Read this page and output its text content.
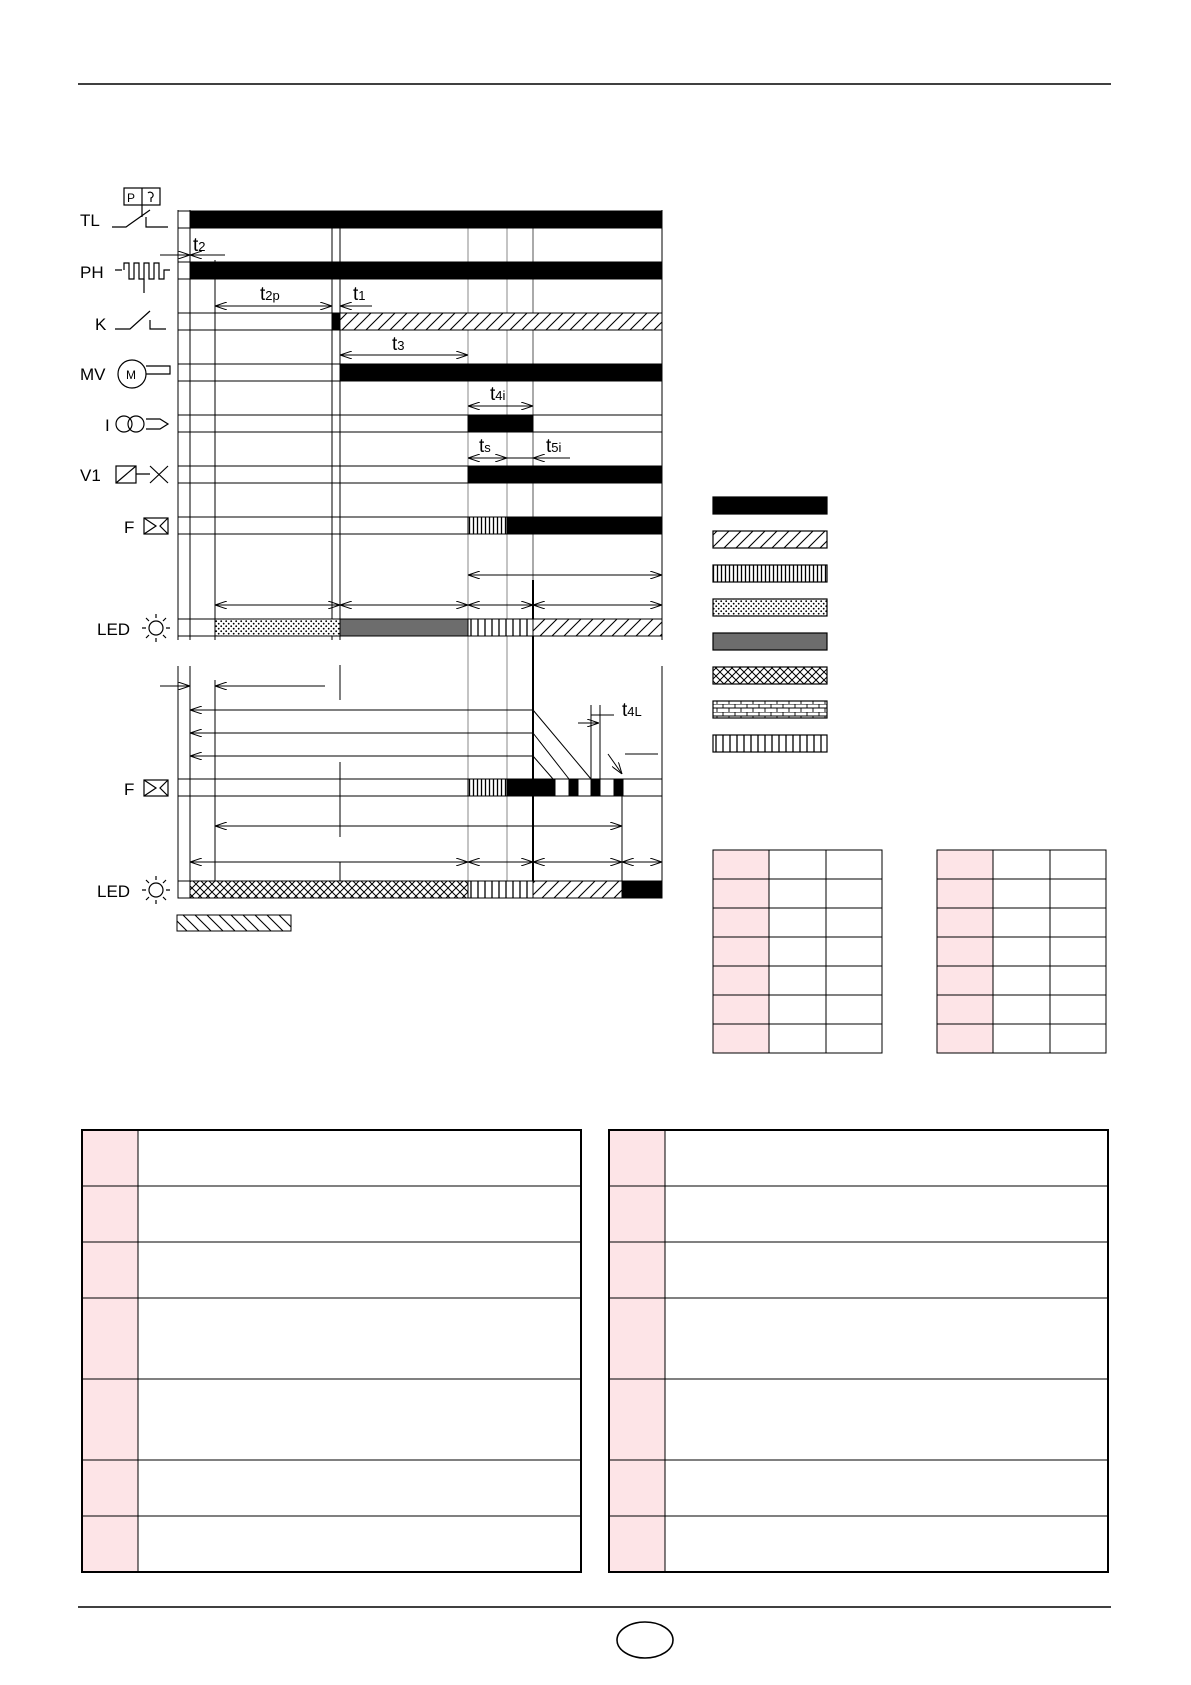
TL
PH
K
MV
I
V1
F
LED
F
LED
P
M
t2
t2p	t1
t3
t4i
ts	t5i
t4L
